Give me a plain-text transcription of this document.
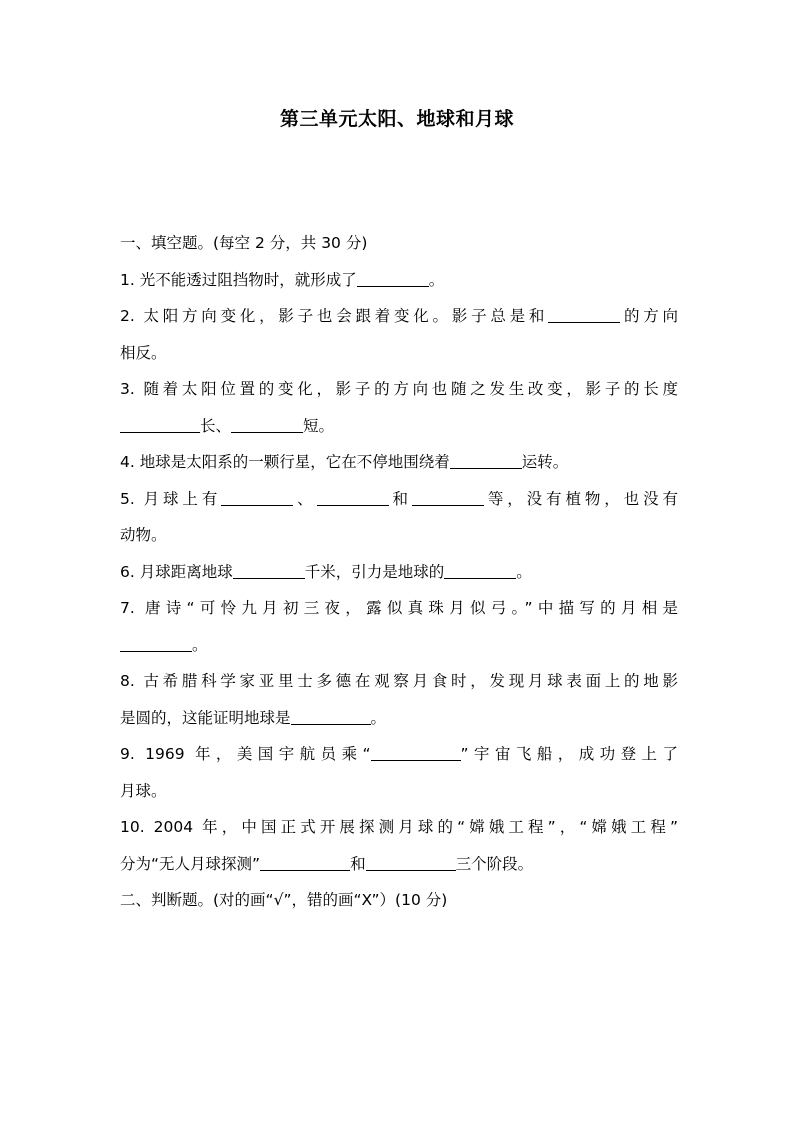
第三单元太阳、地球和月球
一、填空题。(每空 2 分，共 30 分)
1. 光不能透过阻挡物时，就形成了	。
2. 太阳方向变化，影子也会跟着变化。影子总是和	的方向
相反。
3. 随着太阳位置的变化，影子的方向也随之发生改变，影子的长度
长、	短。
4. 地球是太阳系的一颗行星，它在不停地围绕着	运转。
5. 月球上有	、	和	等，没有植物，也没有
动物。
6. 月球距离地球	千米，引力是地球的	。
7. 唐诗“可怜九月初三夜，露似真珠月似弓。”中描写的月相是
。
8. 古希腊科学家亚里士多德在观察月食时，发现月球表面上的地影
是圆的，这能证明地球是	。
9. 1969 年，美国宇航员乘“	”宇宙飞船，成功登上了
月球。
10. 2004 年，中国正式开展探测月球的“嫦娥工程”，“嫦娥工程”
分为“无人月球探测”	和	三个阶段。
二、判断题。(对的画“√”，错的画“X”）(10 分)
